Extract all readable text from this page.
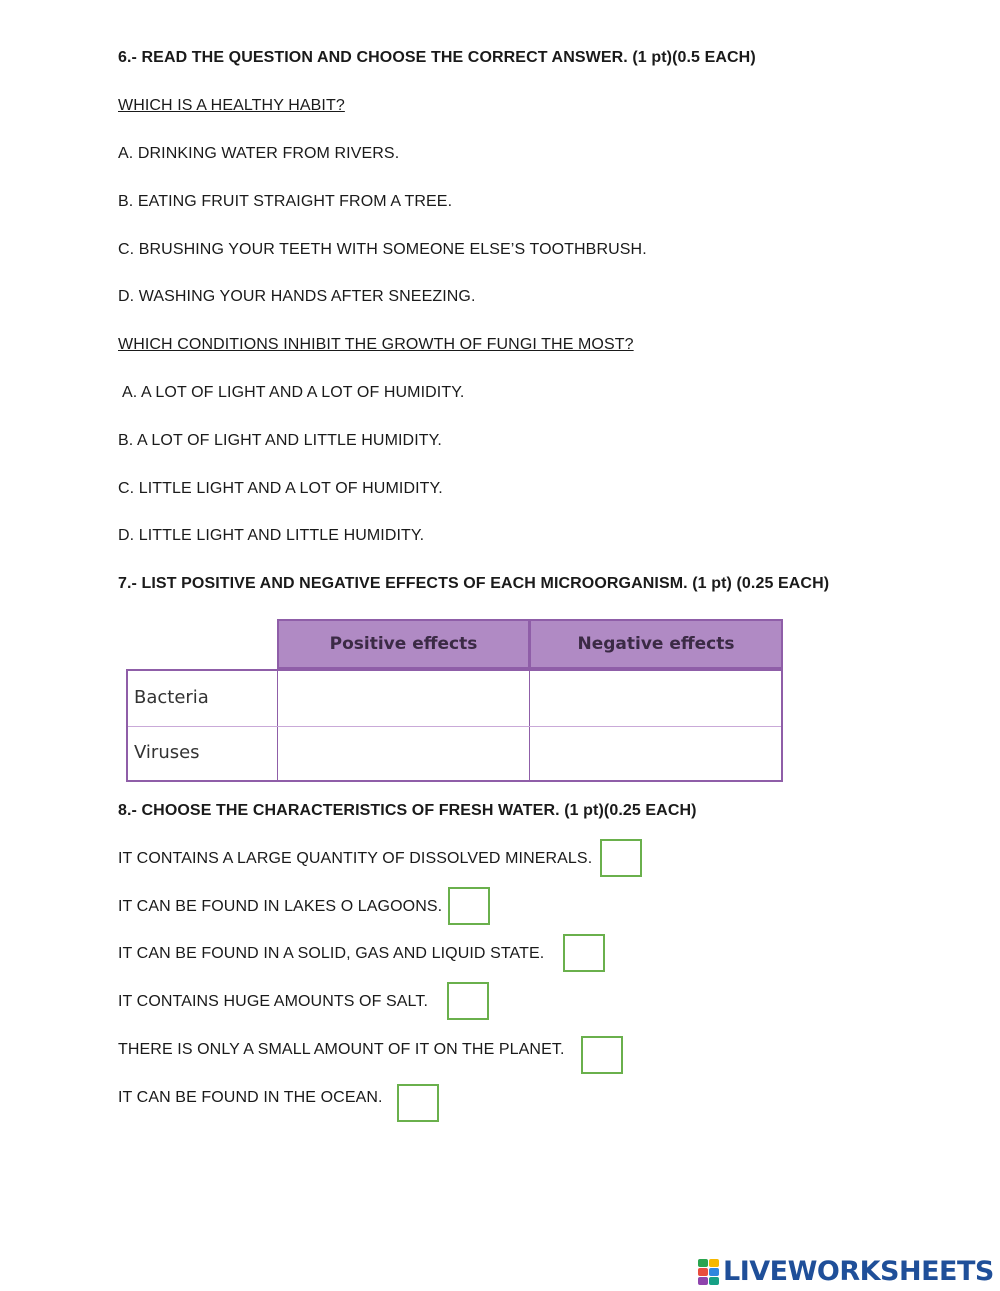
6.- READ THE QUESTION AND CHOOSE THE CORRECT ANSWER. (1 pt)(0.5 EACH)
WHICH IS A HEALTHY HABIT?
A. DRINKING WATER FROM RIVERS.
B. EATING FRUIT STRAIGHT FROM A TREE.
C. BRUSHING YOUR TEETH WITH SOMEONE ELSE’S TOOTHBRUSH.
D. WASHING YOUR HANDS AFTER SNEEZING.
WHICH CONDITIONS INHIBIT THE GROWTH OF FUNGI THE MOST?
A. A LOT OF LIGHT AND A LOT OF HUMIDITY.
B. A LOT OF LIGHT AND LITTLE HUMIDITY.
C. LITTLE LIGHT AND A LOT OF HUMIDITY.
D. LITTLE LIGHT AND LITTLE HUMIDITY.
7.- LIST POSITIVE AND NEGATIVE EFFECTS OF EACH MICROORGANISM. (1 pt) (0.25 EACH)
Positive effects	Negative effects
Bacteria
Viruses
8.- CHOOSE THE CHARACTERISTICS OF FRESH WATER. (1 pt)(0.25 EACH)
IT CONTAINS A LARGE QUANTITY OF DISSOLVED MINERALS.
IT CAN BE FOUND IN LAKES O LAGOONS.
IT CAN BE FOUND IN A SOLID, GAS AND LIQUID STATE.
IT CONTAINS HUGE AMOUNTS OF SALT.
THERE IS ONLY A SMALL AMOUNT OF IT ON THE PLANET.
IT CAN BE FOUND IN THE OCEAN.
LIVEWORKSHEETS
